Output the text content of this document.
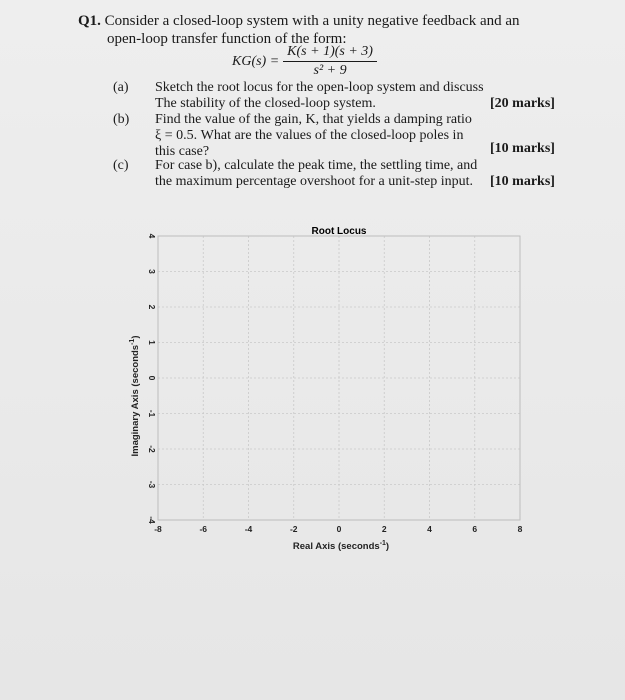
Q1. Consider a closed-loop system with a unity negative feedback and an
open-loop transfer function of the form:
$KG(s) = \frac{K(s + 1)(s + 3)}{\text{s² + 9}}$
(a) Sketch the root locus for the open-loop system and discuss
The stability of the closed-loop system.	[20 marks]
(b) Find the value of the gain, K, that yields a damping ratio
ξ = 0.5. What are the values of the closed-loop poles in
this case?	[10 marks]
(c) For case b), calculate the peak time, the settling time, and
the maximum percentage overshoot for a unit-step input.	[10 marks]
-8	-6	-4	-2	0	2	4	6	8
-4
-3
-2
-1
0
1
2
3
4	Root Locus
Real Axis (seconds$^{-1}$)
Imaginary Axis (seconds$^{-1}$)
